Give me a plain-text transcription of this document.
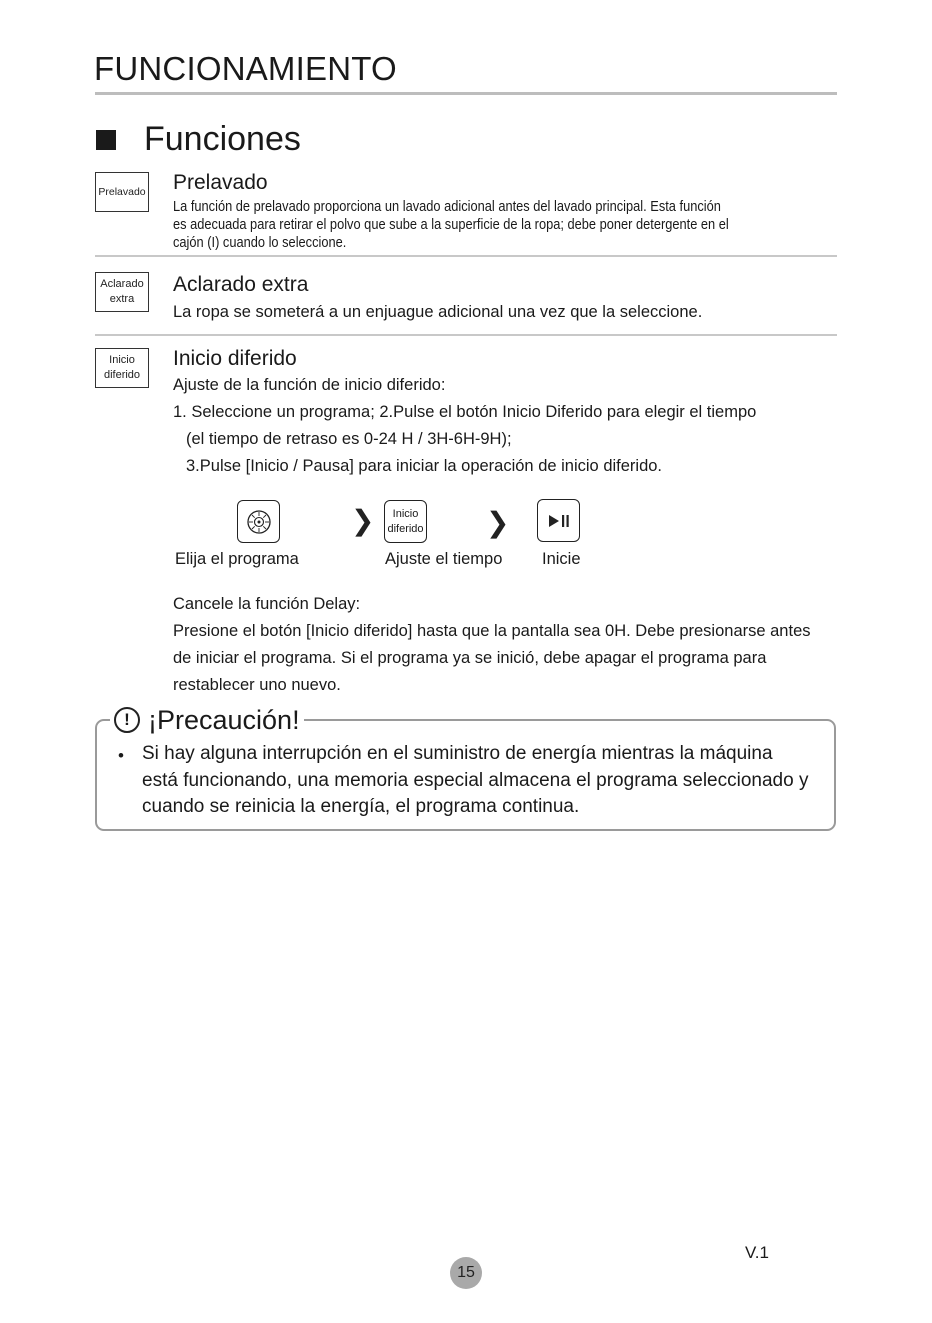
FUNCIONAMIENTO
Funciones
Prelavado Prelavado
La función de prelavado proporciona un lavado adicional antes del lavado principal. Esta función
es adecuada para retirar el polvo que sube a la superficie de la ropa; debe poner detergente en el
cajón (I) cuando lo seleccione.
Aclarado
extra
Aclarado extra
La ropa se someterá a un enjuague adicional una vez que la seleccione.
Inicio
diferido
Inicio diferido
Ajuste de la función de inicio diferido:
1. Seleccione un programa; 2.Pulse el botón Inicio Diferido para elegir el tiempo
(el tiempo de retraso es 0-24 H / 3H-6H-9H);
3.Pulse [Inicio / Pausa] para iniciar la operación de inicio diferido.
❯	Inicio
diferido ❯
Elija el programa	Ajuste el tiempo Inicie
Cancele la función Delay:
Presione el botón [Inicio diferido] hasta que la pantalla sea 0H. Debe presionarse antes
de iniciar el programa. Si el programa ya se inició, debe apagar el programa para
restablecer uno nuevo.
! ¡Precaución!
• Si hay alguna interrupción en el suministro de energía mientras la máquina
está funcionando, una memoria especial almacena el programa seleccionado y
cuando se reinicia la energía, el programa continua.
V.1
15
